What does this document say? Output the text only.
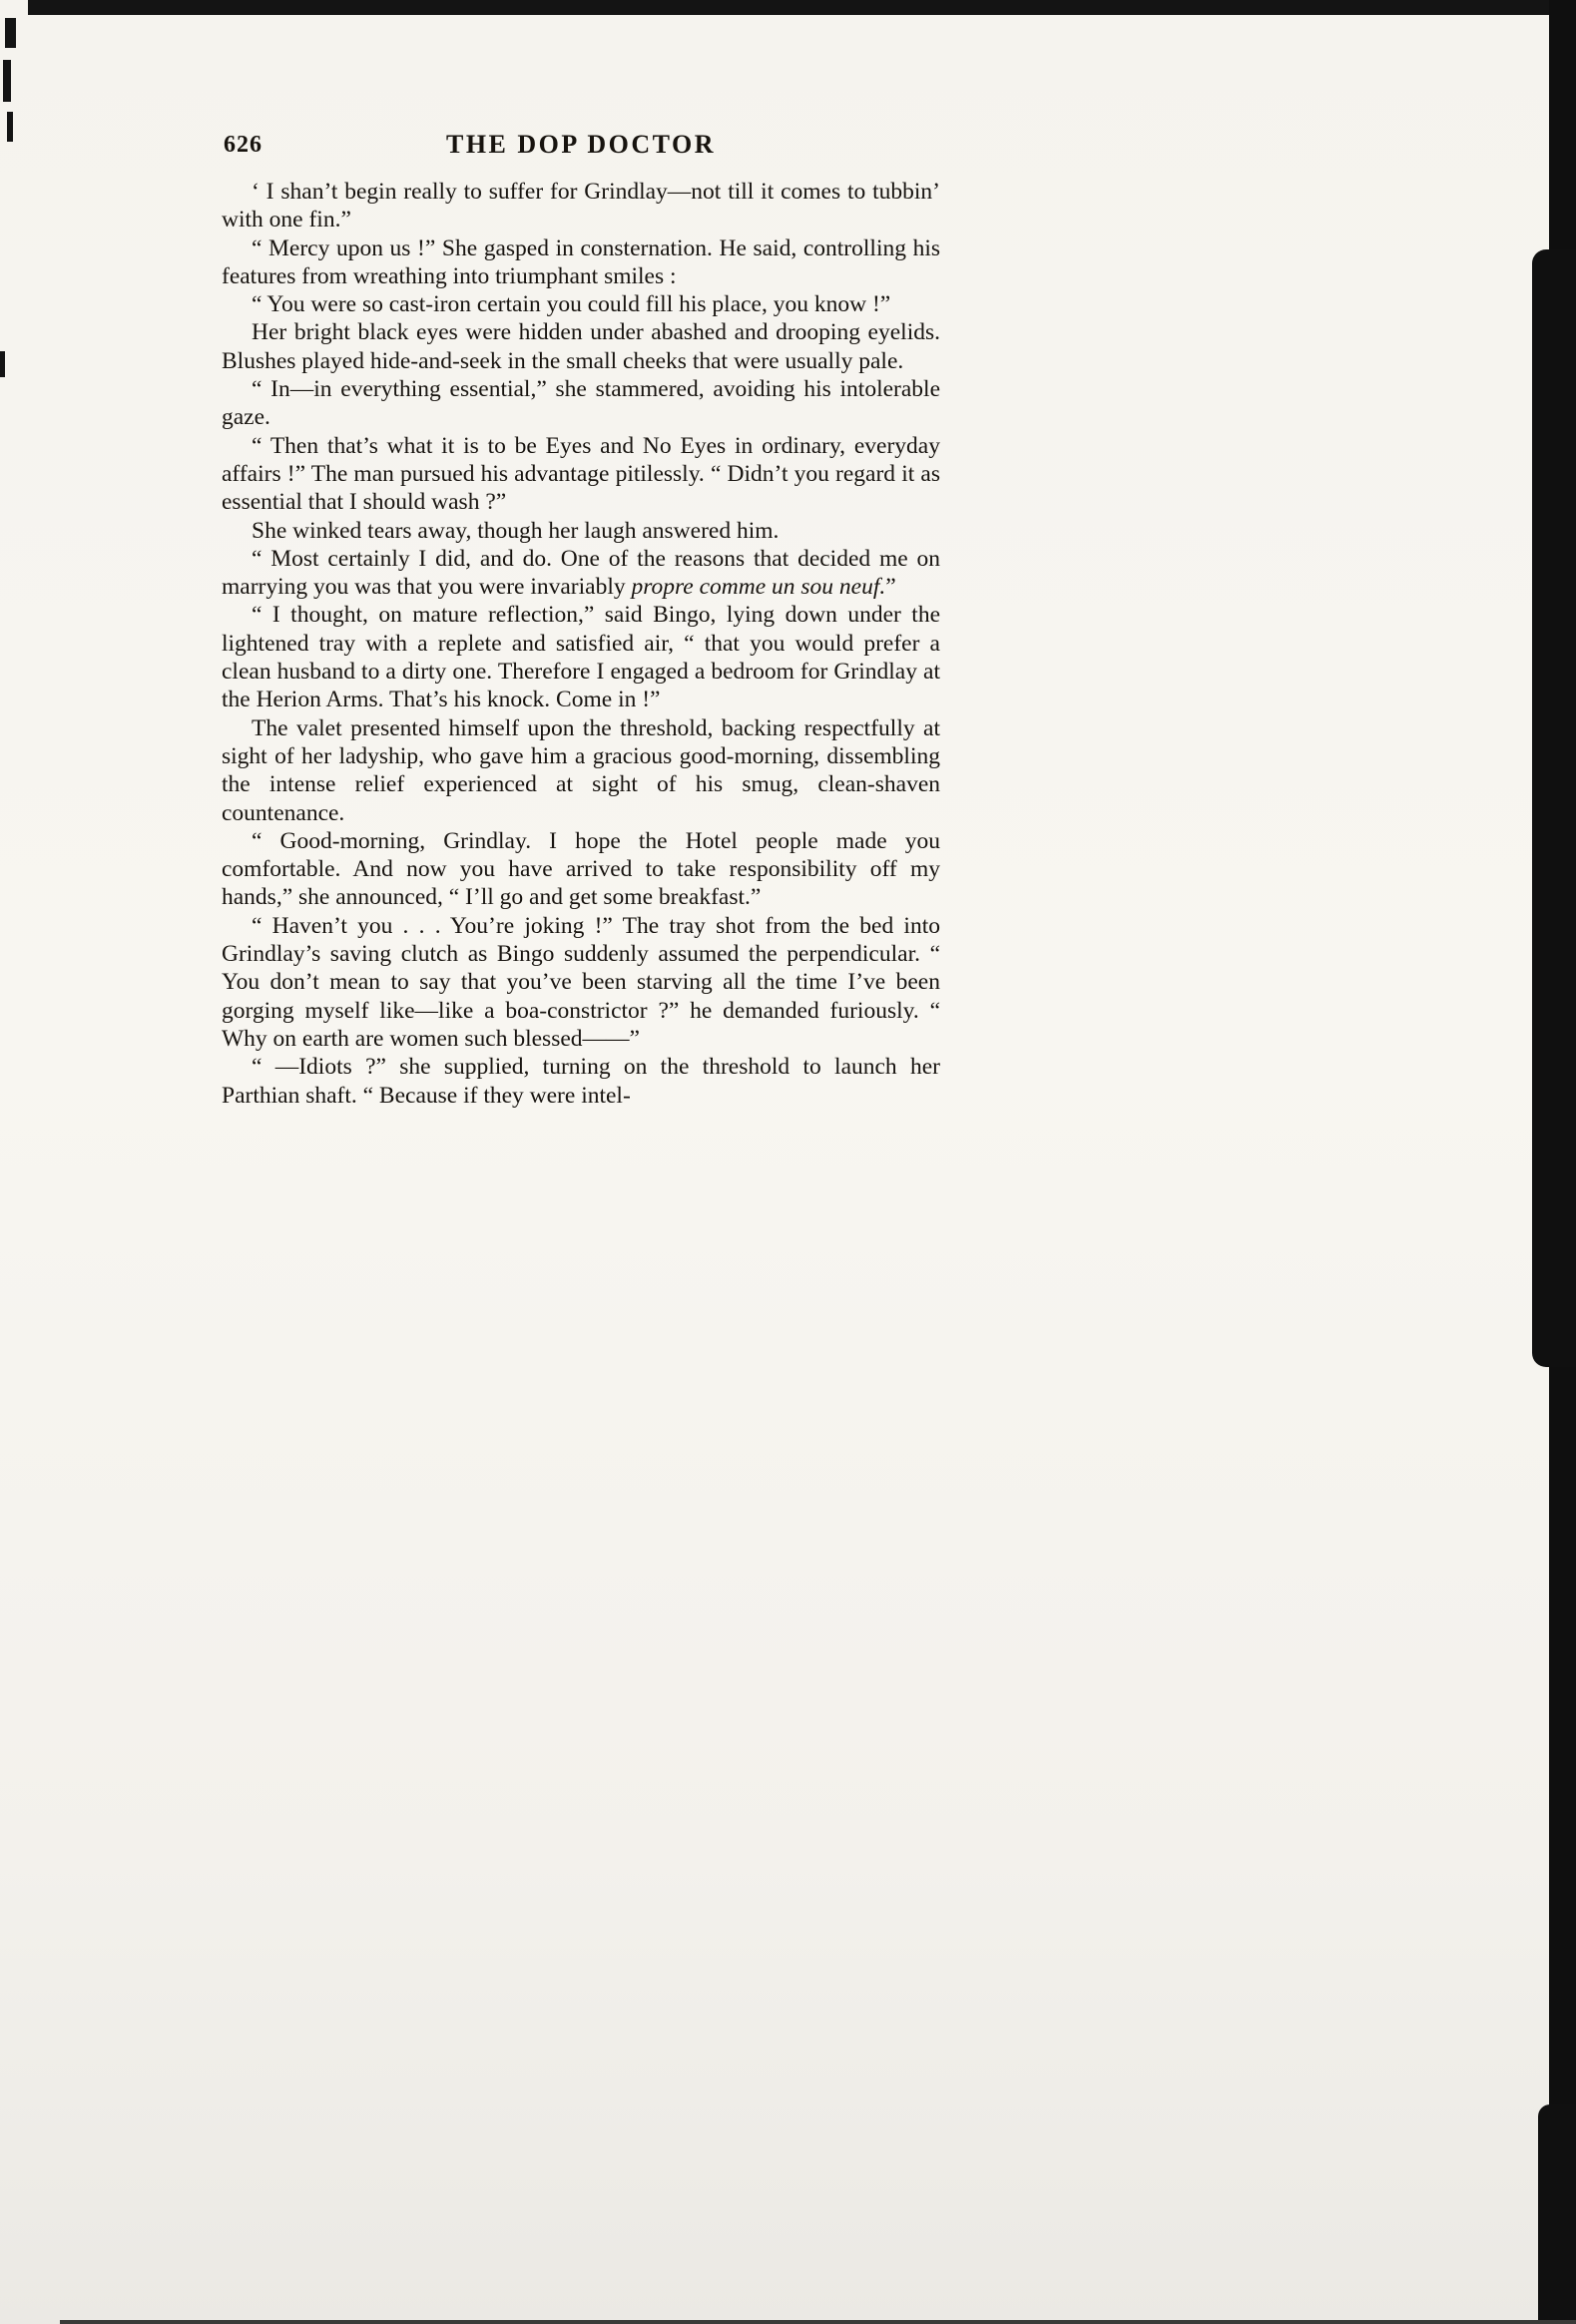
626	THE DOP DOCTOR

‘ I shan’t begin really to suffer for Grindlay—not till it comes to tubbin’ with one fin.”

“ Mercy upon us !” She gasped in consternation. He said, controlling his features from wreathing into triumphant smiles :

“ You were so cast-iron certain you could fill his place, you know !”

Her bright black eyes were hidden under abashed and drooping eyelids. Blushes played hide-and-seek in the small cheeks that were usually pale.

“ In—in everything essential,” she stammered, avoiding his intolerable gaze.

“ Then that’s what it is to be Eyes and No Eyes in ordinary, everyday affairs !” The man pursued his advantage pitilessly. “ Didn’t you regard it as essential that I should wash ?”

She winked tears away, though her laugh answered him.

“ Most certainly I did, and do. One of the reasons that decided me on marrying you was that you were invariably propre comme un sou neuf.”

“ I thought, on mature reflection,” said Bingo, lying down under the lightened tray with a replete and satisfied air, “ that you would prefer a clean husband to a dirty one. Therefore I engaged a bedroom for Grindlay at the Herion Arms. That’s his knock. Come in !”

The valet presented himself upon the threshold, backing respectfully at sight of her ladyship, who gave him a gracious good-morning, dissembling the intense relief experienced at sight of his smug, clean-shaven countenance.

“ Good-morning, Grindlay. I hope the Hotel people made you comfortable. And now you have arrived to take responsibility off my hands,” she announced, “ I’ll go and get some breakfast.”

“ Haven’t you . . . You’re joking !” The tray shot from the bed into Grindlay’s saving clutch as Bingo suddenly assumed the perpendicular. “ You don’t mean to say that you’ve been starving all the time I’ve been gorging myself like—like a boa-constrictor ?” he demanded furiously. “ Why on earth are women such blessed——”

“ —Idiots ?” she supplied, turning on the threshold to launch her Parthian shaft. “ Because if they were intel-
